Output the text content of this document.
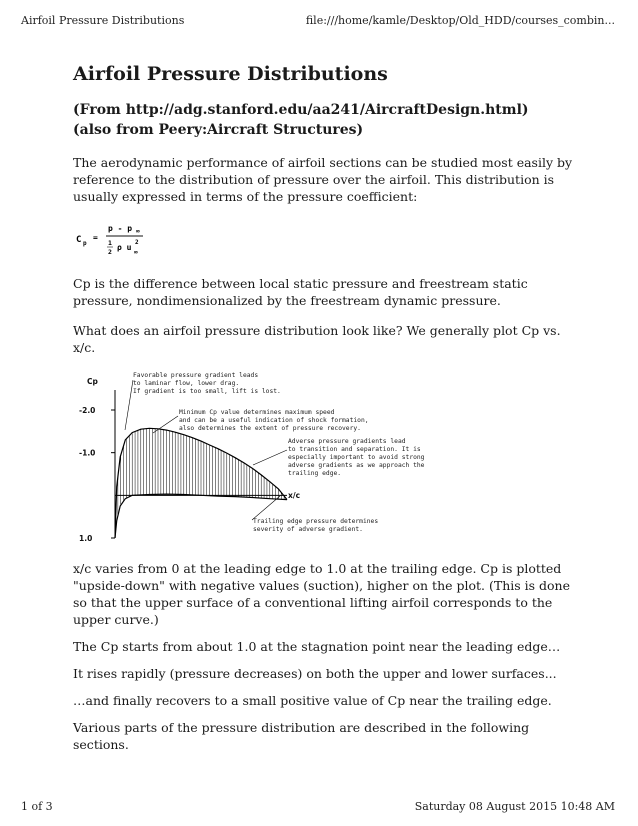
Airfoil Pressure Distributions	file:///home/kamle/Desktop/Old_HDD/courses_combin...
Airfoil Pressure Distributions
(From http://adg.stanford.edu/aa241/AircraftDesign.html)
(also from Peery:Aircraft Structures)

The aerodynamic performance of airfoil sections can be studied most easily by reference to the distribution of pressure over the airfoil. This distribution is usually expressed in terms of the pressure coefficient:

C p
=
p - p ∞
1
2 ρ u
2
∞

Cp is the difference between local static pressure and freestream static pressure, nondimensionalized by the freestream dynamic pressure.

What does an airfoil pressure distribution look like? We generally plot Cp vs. x/c.

-2.0
-1.0
1.0
Cp
x/c
Favorable pressure gradient leads
to laminar flow, lower drag.
If gradient is too small, lift is lost.
Minimum Cp value determines maximum speed
and can be a useful indication of shock formation,
also determines the extent of pressure recovery.
Adverse pressure gradients lead
to transition and separation. It is
especially important to avoid strong
adverse gradients as we approach the
trailing edge.
Trailing edge pressure determines
severity of adverse gradient.

x/c varies from 0 at the leading edge to 1.0 at the trailing edge. Cp is plotted "upside-down" with negative values (suction), higher on the plot. (This is done so that the upper surface of a conventional lifting airfoil corresponds to the upper curve.)

The Cp starts from about 1.0 at the stagnation point near the leading edge…

It rises rapidly (pressure decreases) on both the upper and lower surfaces...

…and finally recovers to a small positive value of Cp near the trailing edge.

Various parts of the pressure distribution are described in the following sections.

1 of 3	Saturday 08 August 2015 10:48 AM
